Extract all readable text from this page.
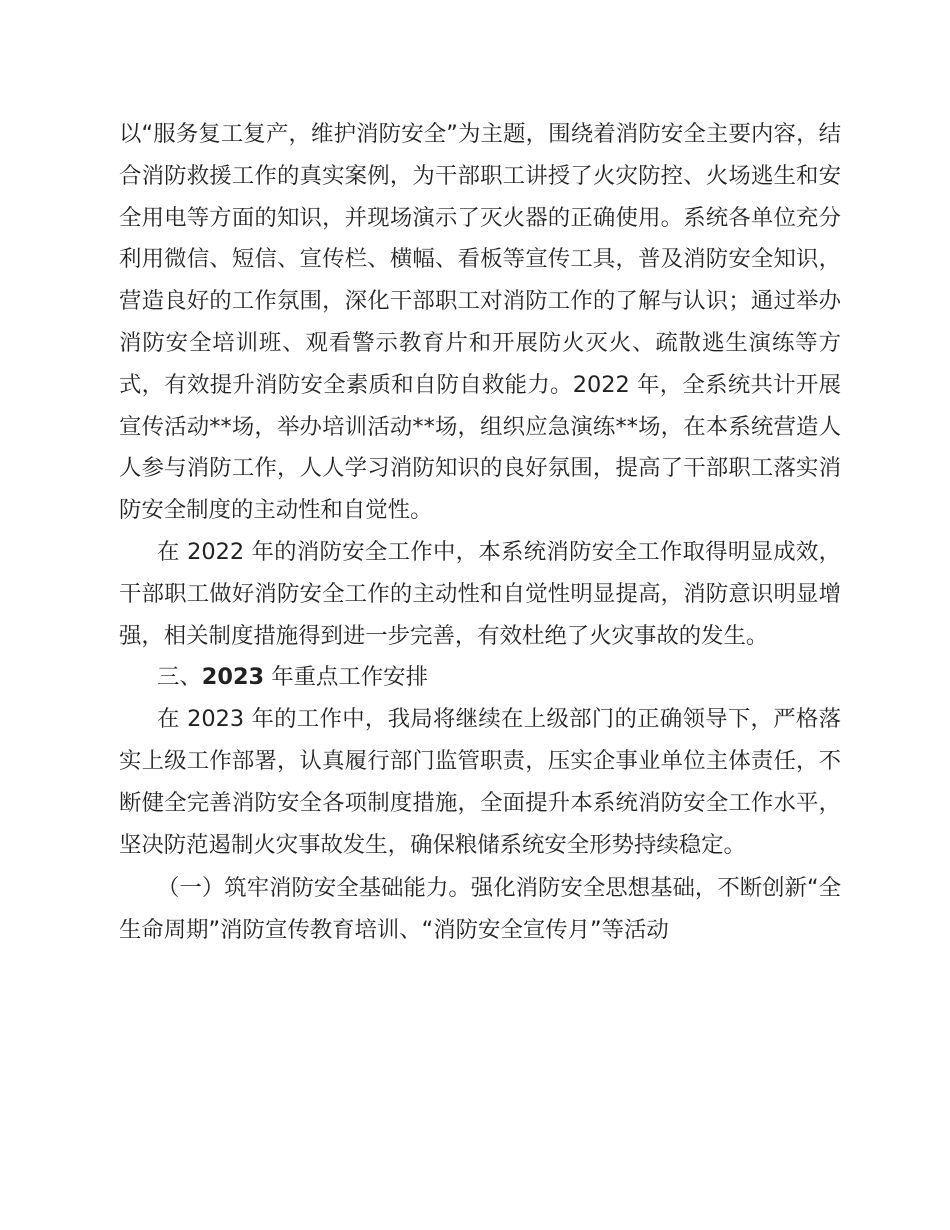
以“服务复工复产，维护消防安全”为主题，围绕着消防安全主要内容，结合消防救援工作的真实案例，为干部职工讲授了火灾防控、火场逃生和安全用电等方面的知识，并现场演示了灭火器的正确使用。系统各单位充分利用微信、短信、宣传栏、横幅、看板等宣传工具，普及消防安全知识，营造良好的工作氛围，深化干部职工对消防工作的了解与认识；通过举办消防安全培训班、观看警示教育片和开展防火灭火、疏散逃生演练等方式，有效提升消防安全素质和自防自救能力。2022 年，全系统共计开展宣传活动**场，举办培训活动**场，组织应急演练**场，在本系统营造人人参与消防工作，人人学习消防知识的良好氛围，提高了干部职工落实消防安全制度的主动性和自觉性。

在 2022 年的消防安全工作中，本系统消防安全工作取得明显成效，干部职工做好消防安全工作的主动性和自觉性明显提高，消防意识明显增强，相关制度措施得到进一步完善，有效杜绝了火灾事故的发生。

三、2023 年重点工作安排

在 2023 年的工作中，我局将继续在上级部门的正确领导下，严格落实上级工作部署，认真履行部门监管职责，压实企事业单位主体责任，不断健全完善消防安全各项制度措施，全面提升本系统消防安全工作水平，坚决防范遏制火灾事故发生，确保粮储系统安全形势持续稳定。

（一）筑牢消防安全基础能力。强化消防安全思想基础，不断创新“全生命周期”消防宣传教育培训、“消防安全宣传月”等活动
